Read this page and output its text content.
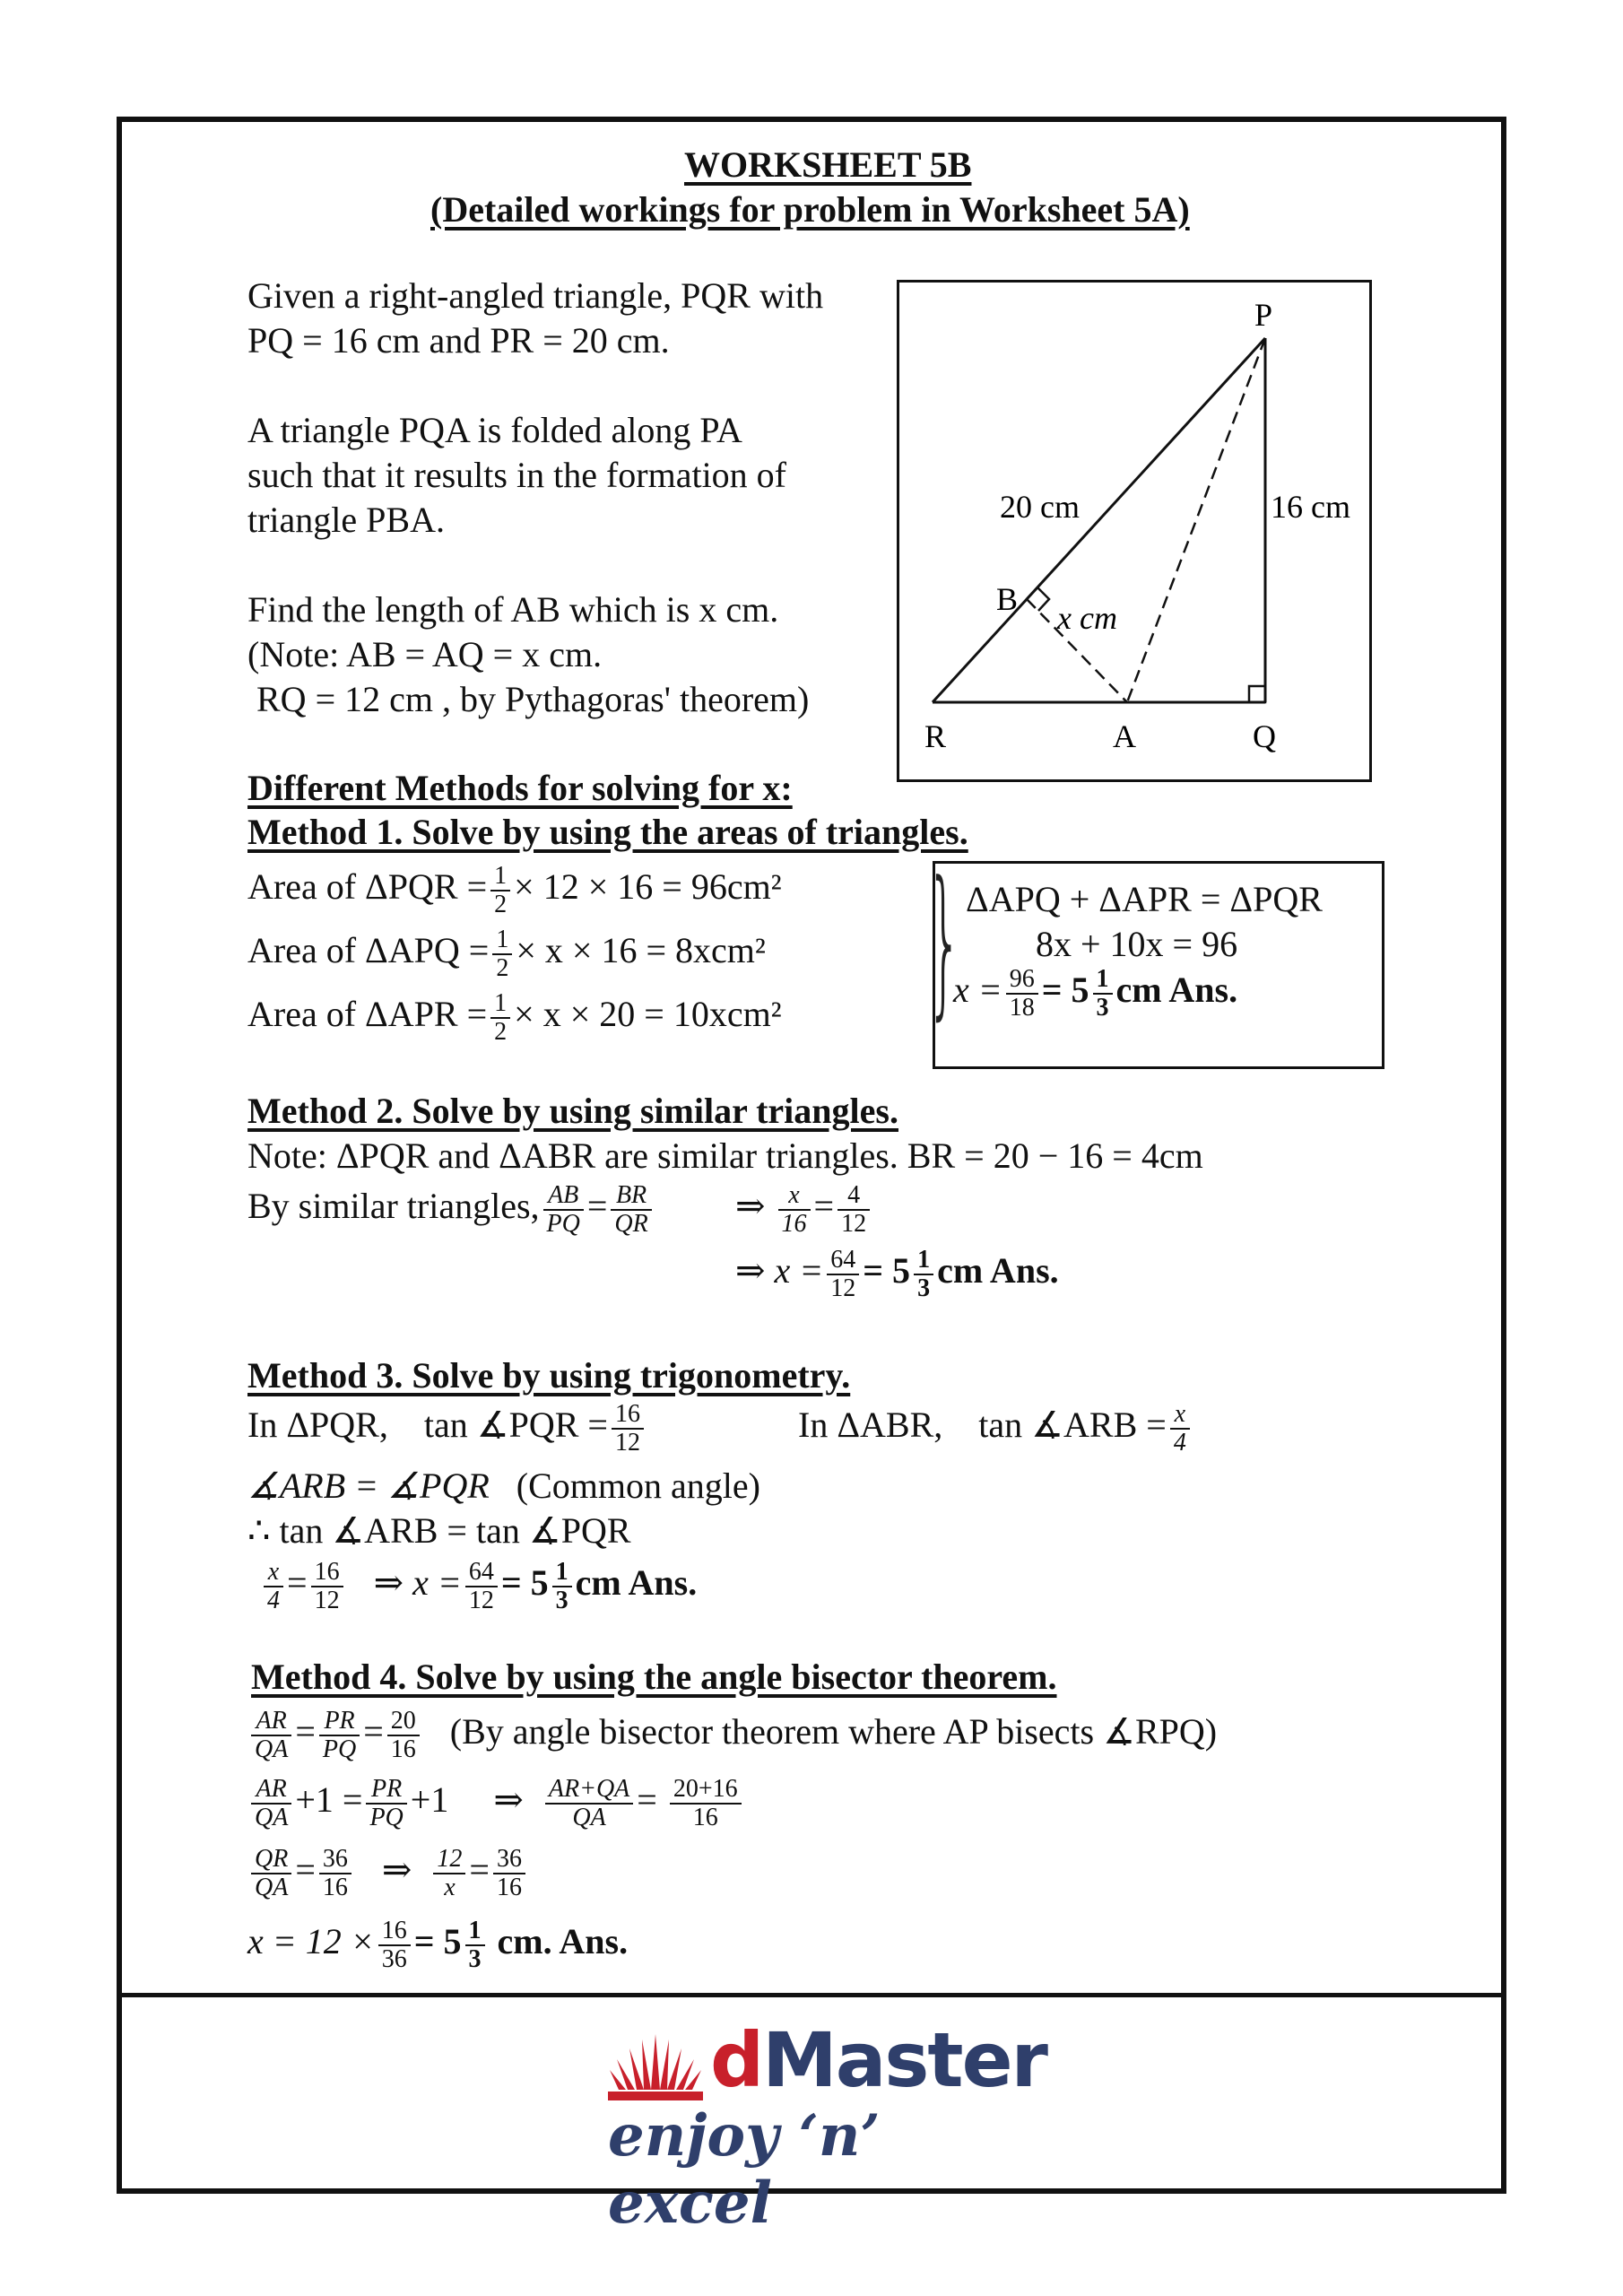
WORKSHEET 5B
(Detailed workings for problem in Worksheet 5A)
Given a right-angled triangle, PQR with
PQ = 16 cm and PR = 20 cm.
A triangle PQA is folded along PA
such that it results in the formation of
triangle PBA.
Find the length of AB which is x cm.
(Note: AB = AQ = x cm.
RQ = 12 cm , by Pythagoras' theorem)
P
Q
R	A
B
20 cm	16 cm
x cm
Different Methods for solving for x:
Method 1. Solve by using the areas of triangles.
Area of $\Delta PQR = \frac{1}{2} \times 12 \times 16 = 96cm^2$
Area of $\Delta APQ = \frac{1}{2} \times x \times 16 = 8xcm^2$
Area of $\Delta APR = \frac{1}{2} \times x \times 20 = 10xcm^2$ } ΔAPQ + ΔAPR = ΔPQR
8x + 10x = 96
$x = \frac{96}{18} = 5 \frac{1}{3}$ cm Ans.
Method 2. Solve by using similar triangles.
Note: ΔPQR and ΔABR are similar triangles. BR = 20 − 16 = 4cm
By similar triangles, $\frac{AB}{PQ} = \frac{BR}{QR}$ ⇒ $\frac{x}{16} = \frac{4}{12}$
⇒ $x = \frac{64}{12} = 5 \frac{1}{3}$ cm Ans.
Method 3. Solve by using trigonometry.
In ΔPQR, tan ∡PQR = $\frac{16}{12}$	In ΔABR, tan ∡ARB = $\frac{x}{4}$
∡ARB = ∡PQR (Common angle)
∴ tan ∡ARB = tan ∡PQR
$\frac{x}{4} = \frac{16}{12}$ ⇒ $x = \frac{64}{12} = 5 \frac{1}{3}$ cm Ans.
Method 4. Solve by using the angle bisector theorem.
$\frac{AR}{QA} = \frac{PR}{PQ} = \frac{20}{16} (By$ angle bisector theorem where AP bisects ∡RPQ)
$\frac{AR}{QA} +1 = \frac{PR}{PQ} +1$ ⇒ $\frac{AR+QA}{QA} = \frac{20+16}{16}$
$\frac{QR}{QA} = \frac{36}{16}$ ⇒ $\frac{12}{x} = \frac{36}{16}$
$x = 12 \times \frac{16}{36} = 5 \frac{1}{3}$ cm. Ans.
dMaster
enjoy ‘n’ excel
